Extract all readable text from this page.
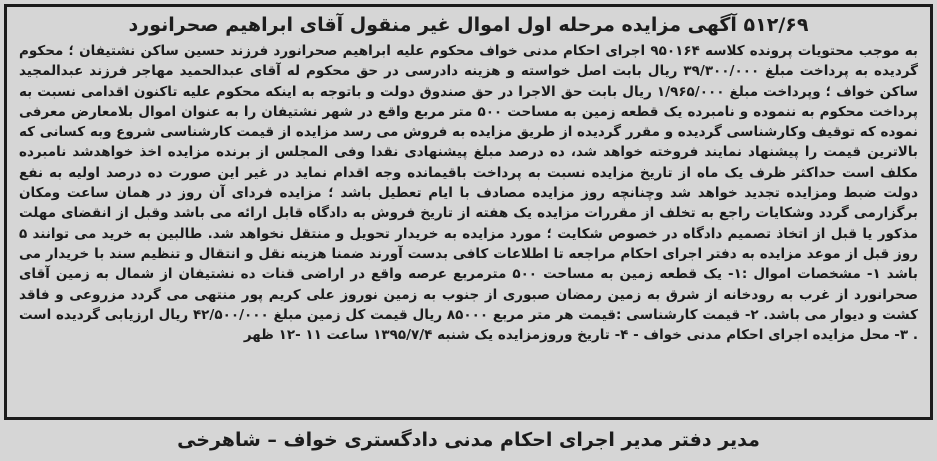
۵۱۲/۶۹ آگهی مزایده مرحله اول اموال غیر منقول آقای ابراهیم صحرانورد
به موجب محتویات پرونده کلاسه ۹۵۰۱۶۴ اجرای احکام مدنی خواف محکوم علیه ابراهیم صحرانورد فرزند حسین ساکن نشتیفان ؛ محکوم گردیده به پرداخت مبلغ ۳۹/۳۰۰/۰۰۰ ریال بابت اصل خواسته و هزینه دادرسی در حق محکوم له آقای عبدالحمید مهاجر فرزند عبدالمجید ساکن خواف ؛ وپرداخت مبلغ ۱/۹۶۵/۰۰۰ ریال بابت حق الاجرا در حق صندوق دولت و باتوجه به اینکه محکوم علیه تاکنون اقدامی نسبت به پرداخت محکوم به ننموده و نامبرده یک قطعه زمین به مساحت ۵۰۰ متر مربع واقع در شهر نشتیفان را به عنوان اموال بلامعارض معرفی نموده که توقیف وکارشناسی گردیده و مقرر گردیده از طریق مزایده به فروش می رسد مزایده از قیمت کارشناسی شروع وبه کسانی که بالاترین قیمت را پیشنهاد نمایند فروخته خواهد شد، ده درصد مبلغ پیشنهادی نقدا وفی المجلس از برنده مزایده اخذ خواهدشد نامبرده مکلف است حداکثر ظرف یک ماه از تاریخ مزایده نسبت به پرداخت باقیمانده وجه اقدام نماید در غیر این صورت ده درصد اولیه به نفع دولت ضبط ومزایده تجدید خواهد شد وچنانچه روز مزایده مصادف با ایام تعطیل باشد ؛ مزایده فردای آن روز در همان ساعت ومکان برگزارمی گردد وشکایات راجع به تخلف از مقررات مزایده یک هفته از تاریخ فروش به دادگاه قابل ارائه می باشد وقبل از انقضای مهلت مذکور یا قبل از اتخاذ تصمیم دادگاه در خصوص شکایت ؛ مورد مزایده به خریدار تحویل و منتقل نخواهد شد. طالبین به خرید می توانند ۵ روز قبل از موعد مزایده به دفتر اجرای احکام مراجعه تا اطلاعات کافی بدست آورند ضمنا هزینه نقل و انتقال و تنظیم سند با خریدار می باشد ۱- مشخصات اموال :۱- یک قطعه زمین به مساحت ۵۰۰ مترمربع عرصه واقع در اراضی قنات ده نشتیفان از شمال به زمین آقای صحرانورد از غرب به رودخانه از شرق به زمین رمضان صبوری از جنوب به زمین نوروز علی کریم پور منتهی می گردد مزروعی و فاقد کشت و دیوار می باشد. ۲- قیمت کارشناسی :قیمت هر متر مربع ۸۵۰۰۰ ریال قیمت کل زمین مبلغ ۴۲/۵۰۰/۰۰۰ ریال ارزیابی گردیده است . ۳- محل مزایده اجرای احکام مدنی خواف - ۴- تاریخ وروزمزایده یک شنبه ۱۳۹۵/۷/۴ ساعت ۱۱ -۱۲ ظهر
مدیر دفتر مدیر اجرای احکام مدنی دادگستری خواف – شاهرخی
